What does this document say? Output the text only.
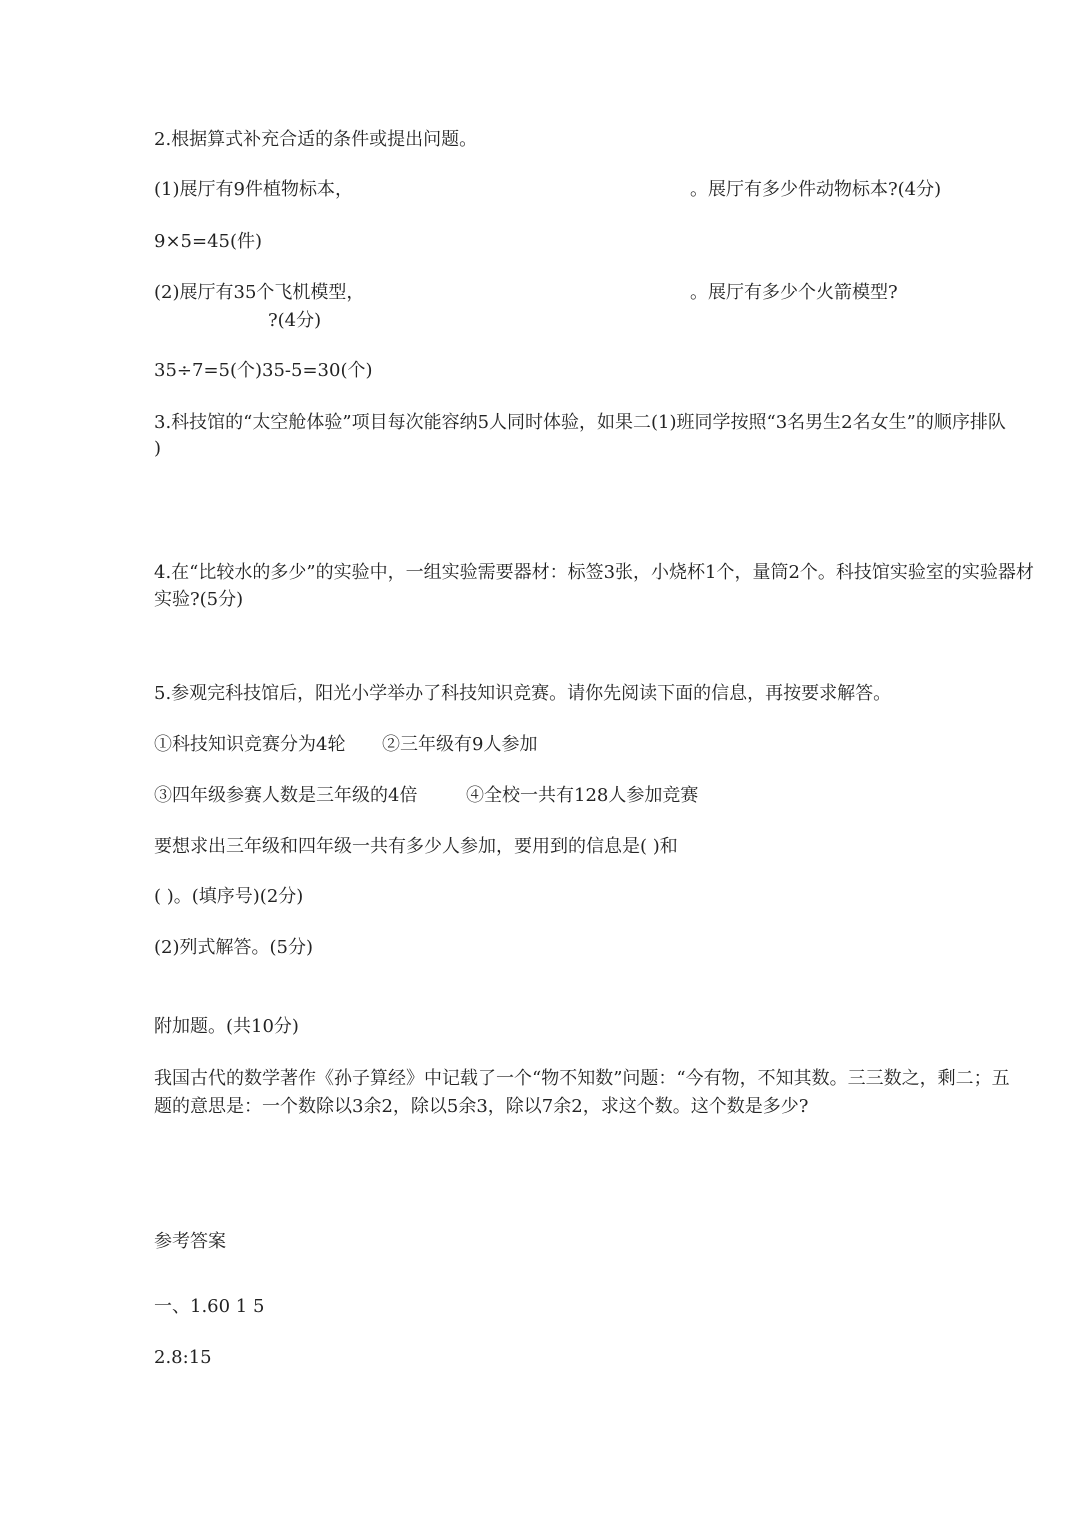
2.根据算式补充合适的条件或提出问题。
(1)展厅有9件植物标本，	。展厅有多少件动物标本?(4分)
9×5=45(件)
(2)展厅有35个飞机模型，	。展厅有多少个火箭模型?
?(4分)
35÷7=5(个)35-5=30(个)
3.科技馆的“太空舱体验”项目每次能容纳5人同时体验，如果二(1)班同学按照“3名男生2名女生”的顺序排队
)
4.在“比较水的多少”的实验中，一组实验需要器材：标签3张，小烧杯1个，量筒2个。科技馆实验室的实验器材
实验?(5分)
5.参观完科技馆后，阳光小学举办了科技知识竞赛。请你先阅读下面的信息，再按要求解答。
①科技知识竞赛分为4轮 ②三年级有9人参加
③四年级参赛人数是三年级的4倍	④全校一共有128人参加竞赛
要想求出三年级和四年级一共有多少人参加，要用到的信息是( )和
( )。(填序号)(2分)
(2)列式解答。(5分)
附加题。(共10分)
我国古代的数学著作《孙子算经》中记载了一个“物不知数”问题：“今有物，不知其数。三三数之，剩二；五
题的意思是：一个数除以3余2，除以5余3，除以7余2，求这个数。这个数是多少?
参考答案
一、1.60 1 5
2.8:15
